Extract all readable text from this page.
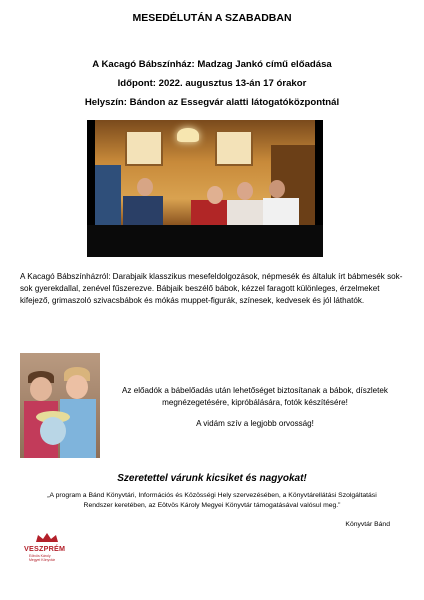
MESEDÉLUTÁN A SZABADBAN
A Kacagó Bábszínház: Madzag Jankó című előadása
Időpont: 2022. augusztus 13-án 17 órakor
Helyszín: Bándon az Essegvár alatti látogatóközpontnál
A Kacagó Bábszínházról: Darabjaik klasszikus mesefeldolgozások, népmesék és általuk írt bábmesék sok-sok gyerekdallal, zenével fűszerezve. Bábjaik beszélő bábok, kézzel faragott különleges, érzelmeket kifejező, grimaszoló szivacsbábok és mókás muppet-figurák, színesek, kedvesek és jól láthatók.
Az előadók a bábelőadás után lehetőséget biztosítanak a bábok, díszletek megnézegetésére, kipróbálására, fotók készítésére!
A vidám szív a legjobb orvosság!
Szeretettel várunk kicsiket és nagyokat!
„A program a Bánd Könyvtári, Információs és Közösségi Hely szervezésében, a Könyvtárellátási Szolgáltatási Rendszer keretében, az Eötvös Károly Megyei Könyvtár támogatásával valósul meg.”
Könyvtár Bánd
VESZPRÉM
Eötvös Károly
Megyei Könyvtár
